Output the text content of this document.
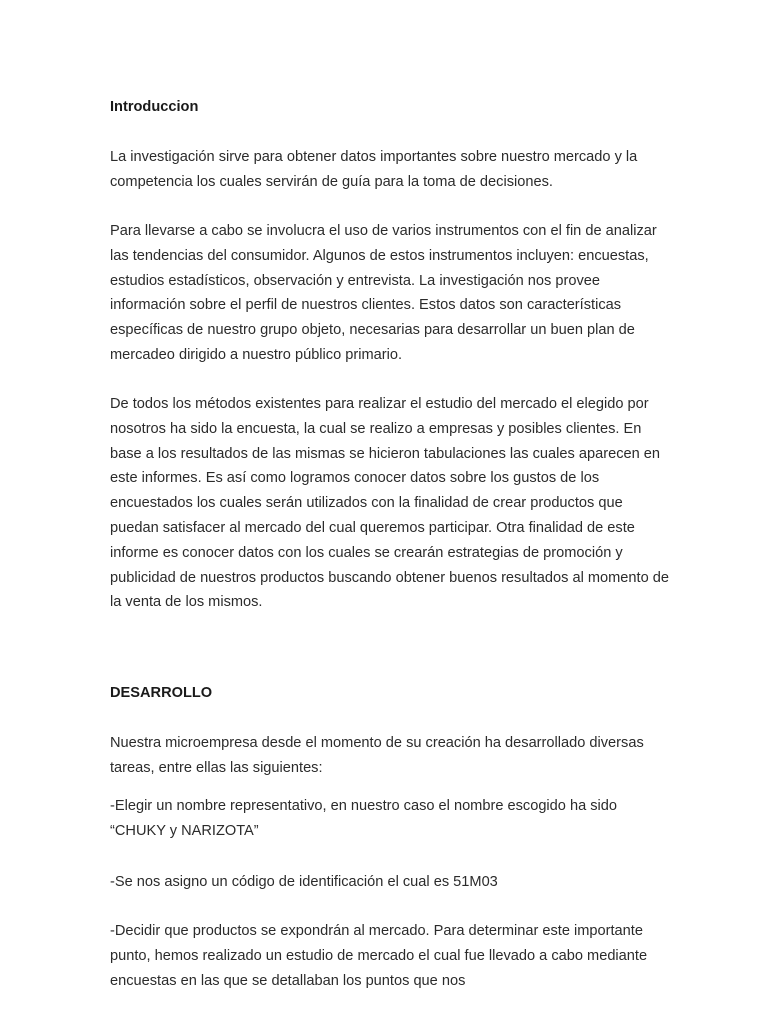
Introduccion

La investigación sirve para obtener datos importantes sobre nuestro mercado y la competencia los cuales servirán de guía para la toma de decisiones.

Para llevarse a cabo se involucra el uso de varios instrumentos con el fin de analizar las tendencias del consumidor. Algunos de estos instrumentos incluyen: encuestas, estudios estadísticos, observación y entrevista. La investigación nos provee información sobre el perfil de nuestros clientes. Estos datos son características específicas de nuestro grupo objeto, necesarias para desarrollar un buen plan de mercadeo dirigido a nuestro público primario.

De todos los métodos existentes para realizar el estudio del mercado el elegido por nosotros ha sido la encuesta, la cual se realizo a empresas y posibles clientes. En base a los resultados de las mismas se hicieron tabulaciones las cuales aparecen en este informes. Es así como logramos conocer datos sobre los gustos de los encuestados los cuales serán utilizados con la finalidad de crear productos que puedan satisfacer al mercado del cual queremos participar. Otra finalidad de este informe es conocer datos con los cuales se crearán estrategias de promoción y publicidad de nuestros productos buscando obtener buenos resultados al momento de la venta de los mismos.

DESARROLLO

Nuestra microempresa desde el momento de su creación ha desarrollado diversas tareas, entre ellas las siguientes:

-Elegir un nombre representativo, en nuestro caso el nombre escogido ha sido “CHUKY y NARIZOTA”

-Se nos asigno un código de identificación el cual es 51M03

-Decidir que productos se expondrán al mercado. Para determinar este importante punto, hemos realizado un estudio de mercado el cual fue llevado a cabo mediante encuestas en las que se detallaban los puntos que nos
